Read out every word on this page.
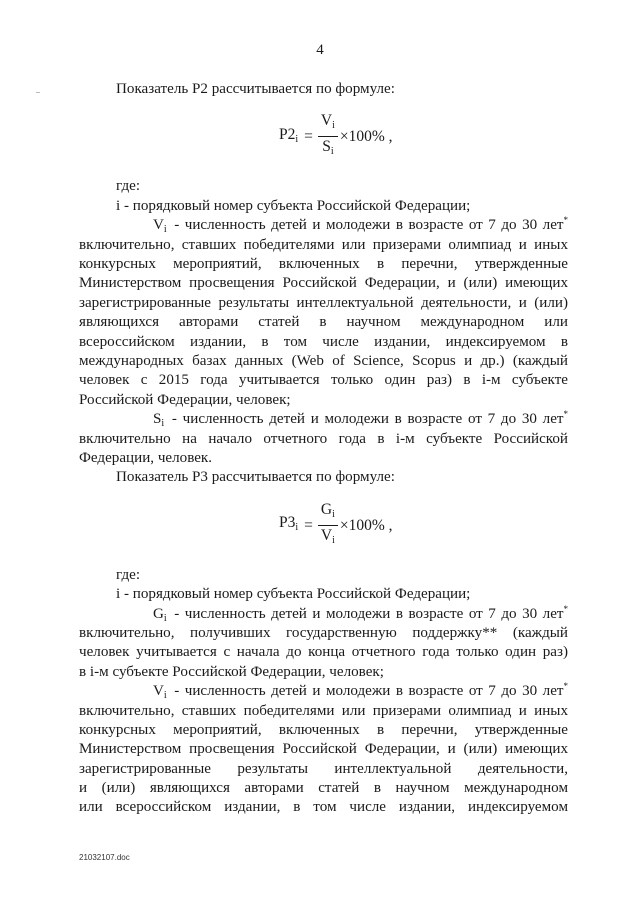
4

Показатель Р2 рассчитывается по формуле:

$Р2_i = \frac{V_i}{S_i} \times 100\%$ ,

где:

i - порядковый номер субъекта Российской Федерации;

$V_i$ - численность детей и молодежи в возрасте от 7 до 30 лет*

включительно, ставших победителями или призерами олимпиад и иных

конкурсных мероприятий, включенных в перечни, утвержденные

Министерством просвещения Российской Федерации, и (или) имеющих

зарегистрированные результаты интеллектуальной деятельности, и (или)

являющихся авторами статей в научном международном или

всероссийском издании, в том числе издании, индексируемом в

международных базах данных (Web of Science, Scopus и др.) (каждый

человек с 2015 года учитывается только один раз) в i-м субъекте

Российской Федерации, человек;

$S_i$ - численность детей и молодежи в возрасте от 7 до 30 лет*

включительно на начало отчетного года в i-м субъекте Российской

Федерации, человек.

Показатель Р3 рассчитывается по формуле:

$Р3_i = \frac{G_i}{V_i} \times 100\%$ ,

где:

i - порядковый номер субъекта Российской Федерации;

$G_i$ - численность детей и молодежи в возрасте от 7 до 30 лет*

включительно, получивших государственную поддержку** (каждый

человек учитывается с начала до конца отчетного года только один раз)

в i-м субъекте Российской Федерации, человек;

$V_i$ - численность детей и молодежи в возрасте от 7 до 30 лет*

включительно, ставших победителями или призерами олимпиад и иных

конкурсных мероприятий, включенных в перечни, утвержденные

Министерством просвещения Российской Федерации, и (или) имеющих

зарегистрированные результаты интеллектуальной деятельности,

и (или) являющихся авторами статей в научном международном

или всероссийском издании, в том числе издании, индексируемом

21032107.doc
